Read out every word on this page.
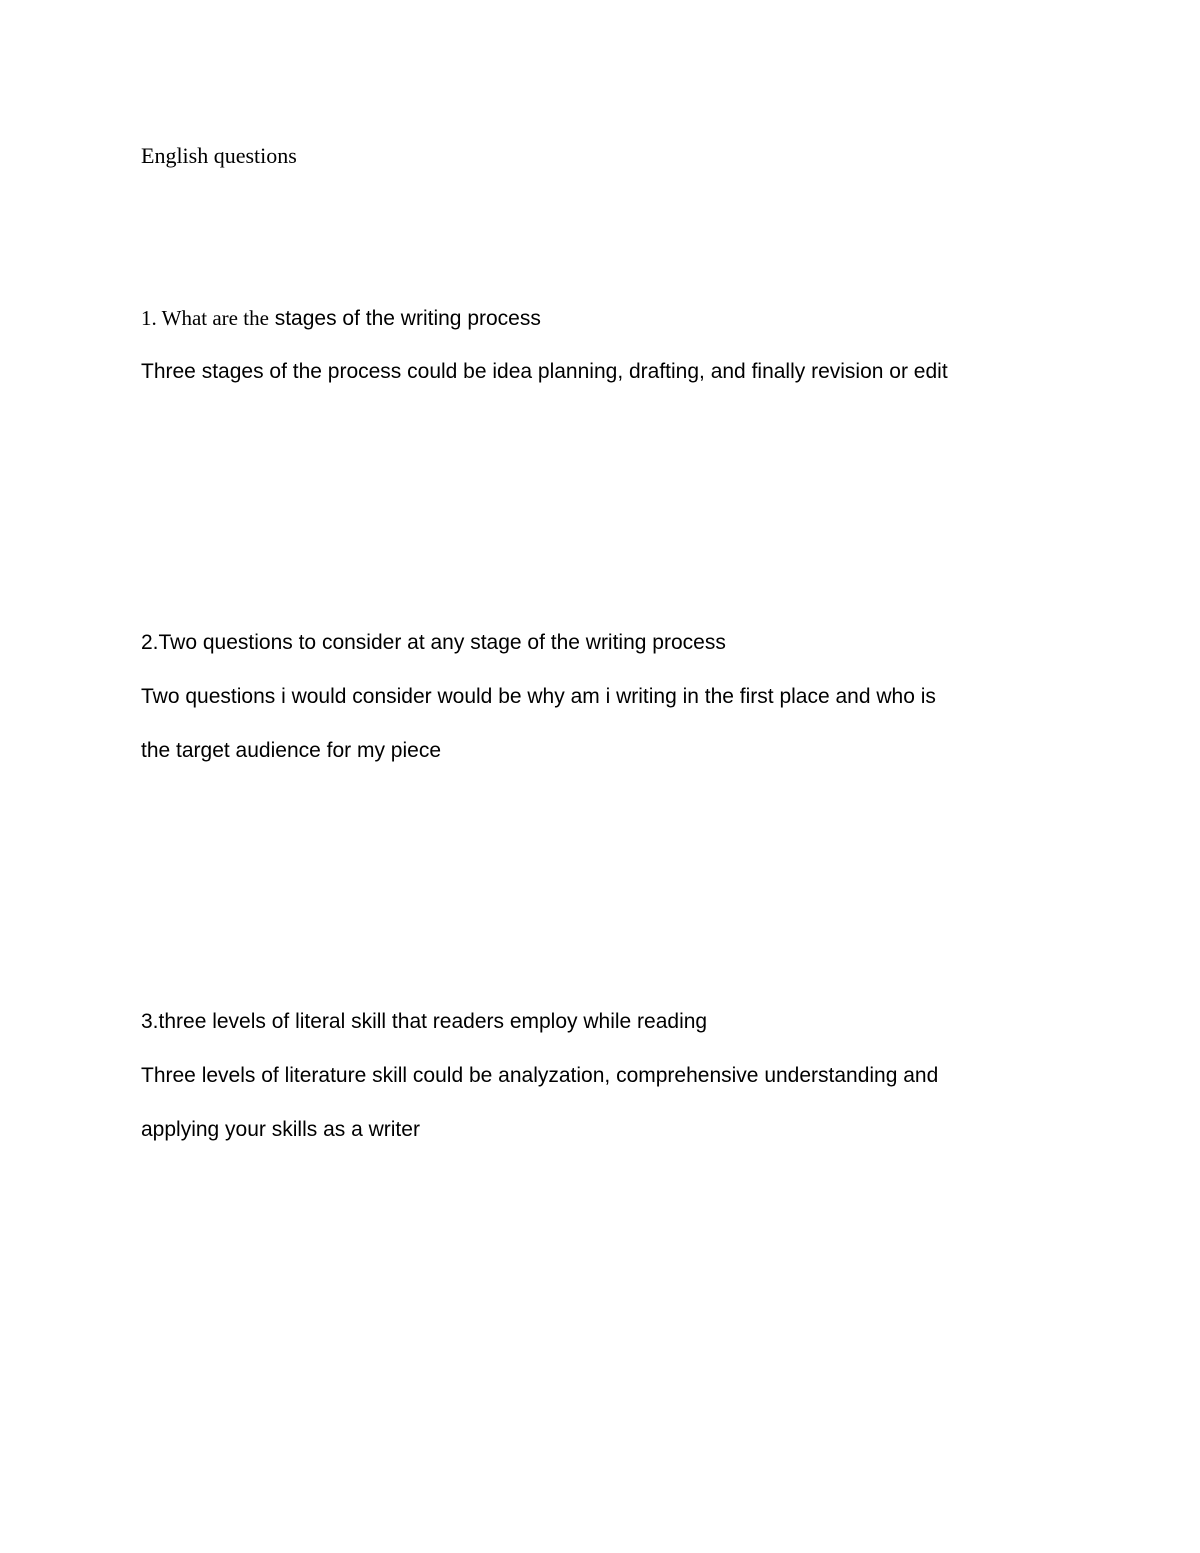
English questions

1. What are the stages of the writing process

Three stages of the process could be idea planning, drafting, and finally revision or edit

2.Two questions to consider at any stage of the writing process

Two questions i would consider would be why am i writing in the first place and who is

the target audience for my piece

3.three levels of literal skill that readers employ while reading

Three levels of literature skill could be analyzation, comprehensive understanding and

applying your skills as a writer
